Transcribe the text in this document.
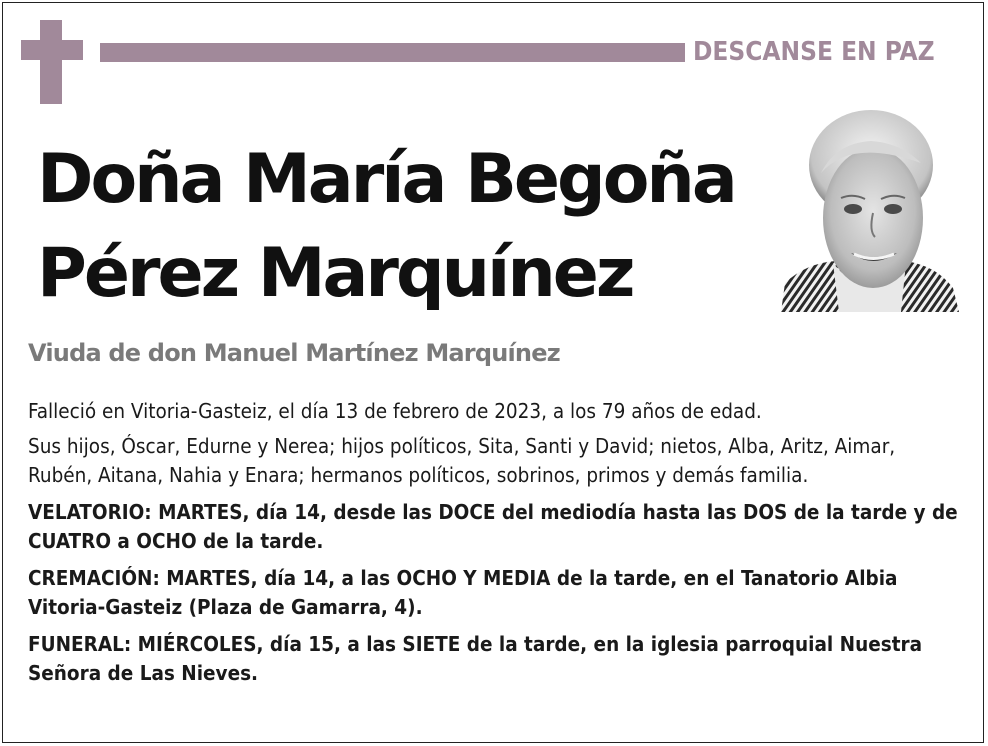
DESCANSE EN PAZ
Doña María Begoña
Pérez Marquínez
Viuda de don Manuel Martínez Marquínez

Falleció en Vitoria-Gasteiz, el día 13 de febrero de 2023, a los 79 años de edad.

Sus hijos, Óscar, Edurne y Nerea; hijos políticos, Sita, Santi y David; nietos, Alba, Aritz, Aimar, Rubén, Aitana, Nahia y Enara; hermanos políticos, sobrinos, primos y demás familia.

VELATORIO: MARTES, día 14, desde las DOCE del mediodía hasta las DOS de la tarde y de CUATRO a OCHO de la tarde.

CREMACIÓN: MARTES, día 14, a las OCHO Y MEDIA de la tarde, en el Tanatorio Albia Vitoria-Gasteiz (Plaza de Gamarra, 4).

FUNERAL: MIÉRCOLES, día 15, a las SIETE de la tarde, en la iglesia parroquial Nuestra Señora de Las Nieves.
